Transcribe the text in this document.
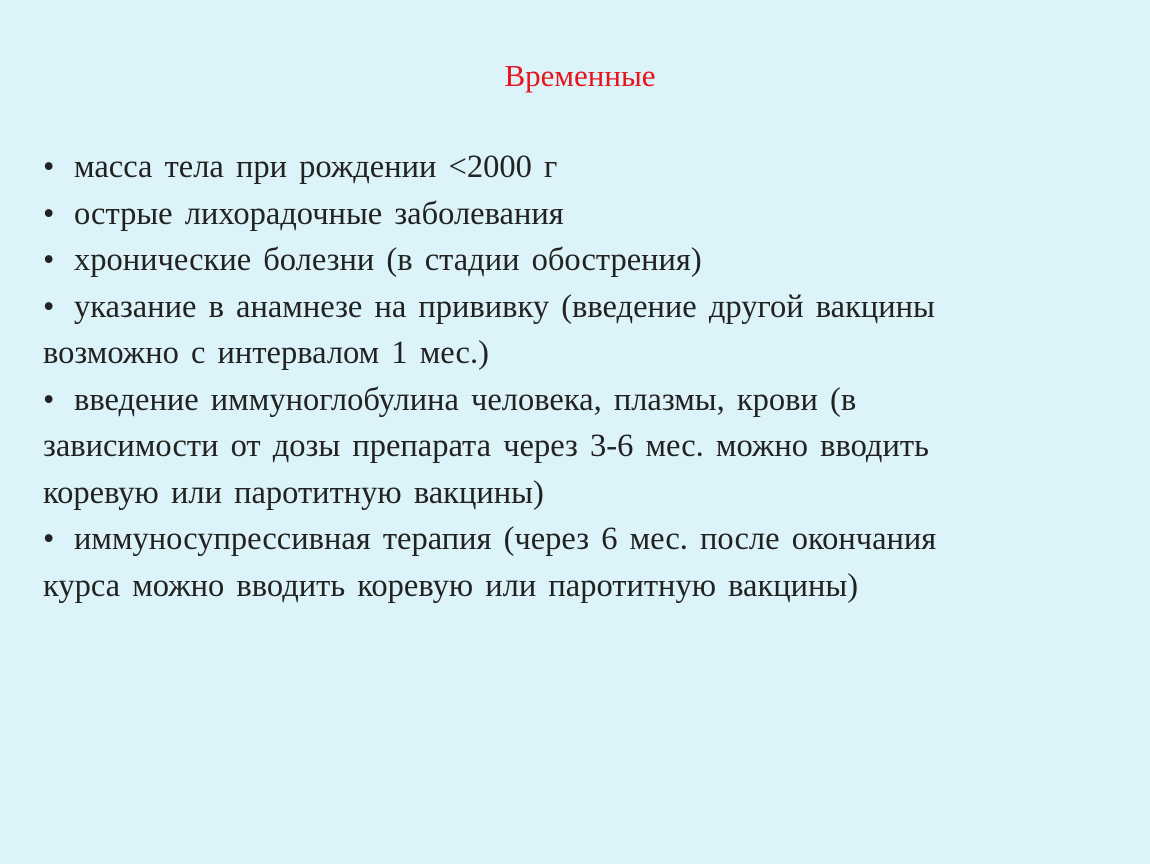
Временные
• масса тела при рождении <2000 г
• острые лихорадочные заболевания
• хронические болезни (в стадии обострения)
• указание в анамнезе на прививку (введение другой вакцины
возможно с интервалом 1 мес.)
• введение иммуноглобулина человека, плазмы, крови (в
зависимости от дозы препарата через 3-6 мес. можно вводить
коревую или паротитную вакцины)
• иммуносупрессивная терапия (через 6 мес. после окончания
курса можно вводить коревую или паротитную вакцины)
